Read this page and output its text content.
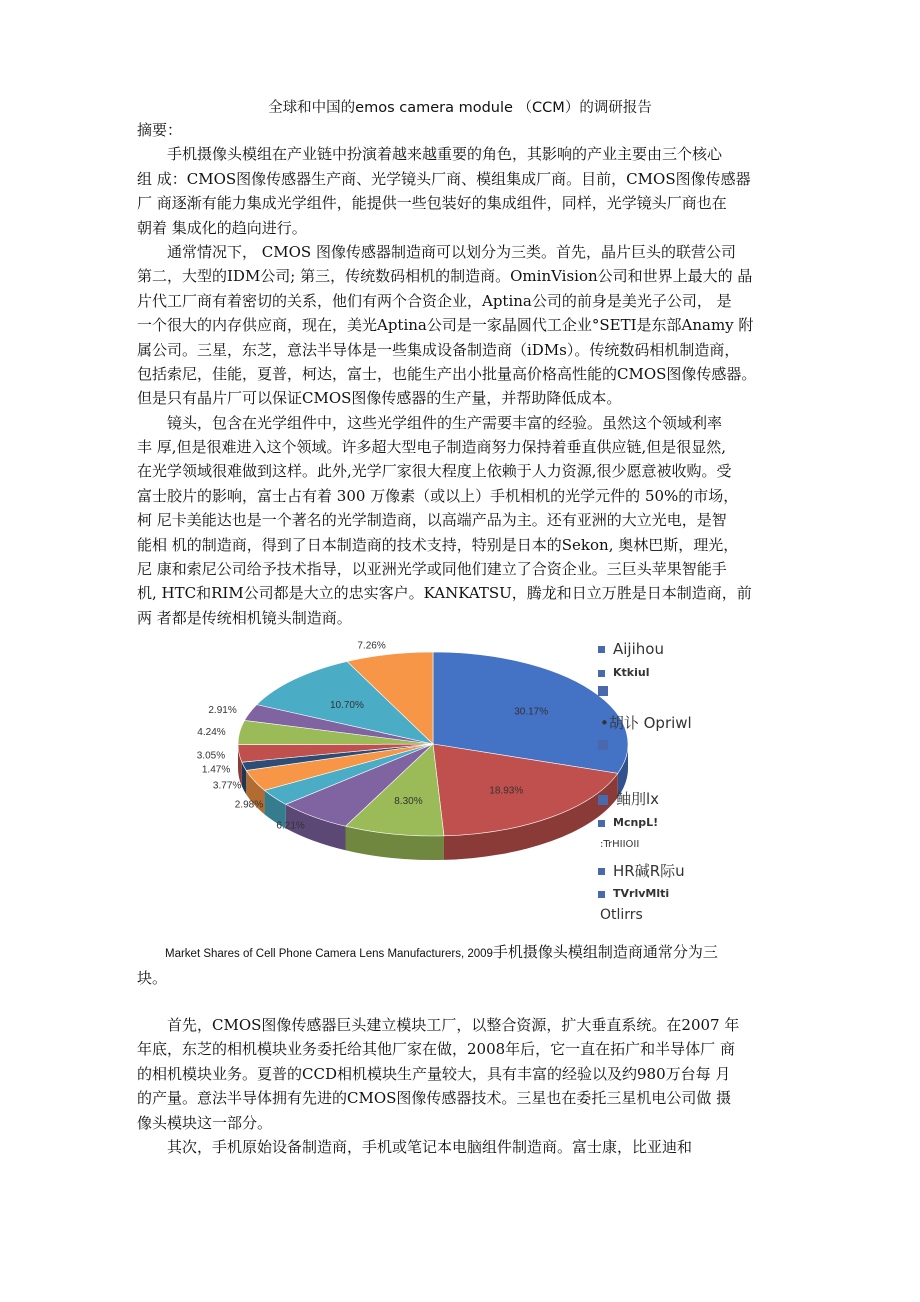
全球和中国的emos camera module （CCM）的调研报告
摘要：
　　手机摄像头模组在产业链中扮演着越来越重要的角色，其影响的产业主要由三个核心
组 成：CMOS图像传感器生产商、光学镜头厂商、模组集成厂商。目前，CMOS图像传感器
厂 商逐渐有能力集成光学组件，能提供一些包装好的集成组件，同样，光学镜头厂商也在
朝着 集成化的趋向进行。
　　通常情况下， CMOS 图像传感器制造商可以划分为三类。首先，晶片巨头的联营公司
第二，大型的IDM公司; 第三，传统数码相机的制造商。OminVision公司和世界上最大的 晶
片代工厂商有着密切的关系，他们有两个合资企业，Aptina公司的前身是美光子公司， 是
一个很大的内存供应商，现在，美光Aptina公司是一家晶圆代工企业°SETI是东部Anamy 附
属公司。三星，东芝，意法半导体是一些集成设备制造商（iDMs）。传统数码相机制造商，
包括索尼，佳能，夏普，柯达，富士，也能生产出小批量高价格高性能的CMOS图像传感器。
但是只有晶片厂可以保证CMOS图像传感器的生产量，并帮助降低成本。
　　镜头，包含在光学组件中，这些光学组件的生产需要丰富的经验。虽然这个领域利率
丰 厚,但是很难进入这个领域。许多超大型电子制造商努力保持着垂直供应链,但是很显然,
在光学领域很难做到这样。此外,光学厂家很大程度上依赖于人力资源,很少愿意被收购。受
富士胶片的影响，富士占有着 300 万像素（或以上）手机相机的光学元件的 50%的市场，
柯 尼卡美能达也是一个著名的光学制造商，以高端产品为主。还有亚洲的大立光电，是智
能相 机的制造商，得到了日本制造商的技术支持，特别是日本的Sekon, 奥林巴斯，理光，
尼 康和索尼公司给予技术指导，以亚洲光学或同他们建立了合资企业。三巨头苹果智能手
机, HTC和RIM公司都是大立的忠实客户。KANKATSU，腾龙和日立万胜是日本制造商，前
两 者都是传统相机镜头制造商。
30.17%
18.93%
8.30%
6.21%
2.98%
3.77%
1.47%
3.05%
4.24%
2.91%	10.70%
7.26%	Aijihou
Ktkiul
•胡讣 Opriwl
鲉刖lx
McnpL!
:TrHIIOII
HR碱R际u
TVrlvMlti
Otlirrs
Market Shares of Cell Phone Camera Lens Manufacturers, 2009手机摄像头模组制造商通常分为三
块。
　　首先，CMOS图像传感器巨头建立模块工厂，以整合资源，扩大垂直系统。在2007 年
年底，东芝的相机模块业务委托给其他厂家在做，2008年后，它一直在拓广和半导体厂 商
的相机模块业务。夏普的CCD相机模块生产量较大，具有丰富的经验以及约980万台每 月
的产量。意法半导体拥有先进的CMOS图像传感器技术。三星也在委托三星机电公司做 摄
像头模块这一部分。
　　其次，手机原始设备制造商，手机或笔记本电脑组件制造商。富士康，比亚迪和
